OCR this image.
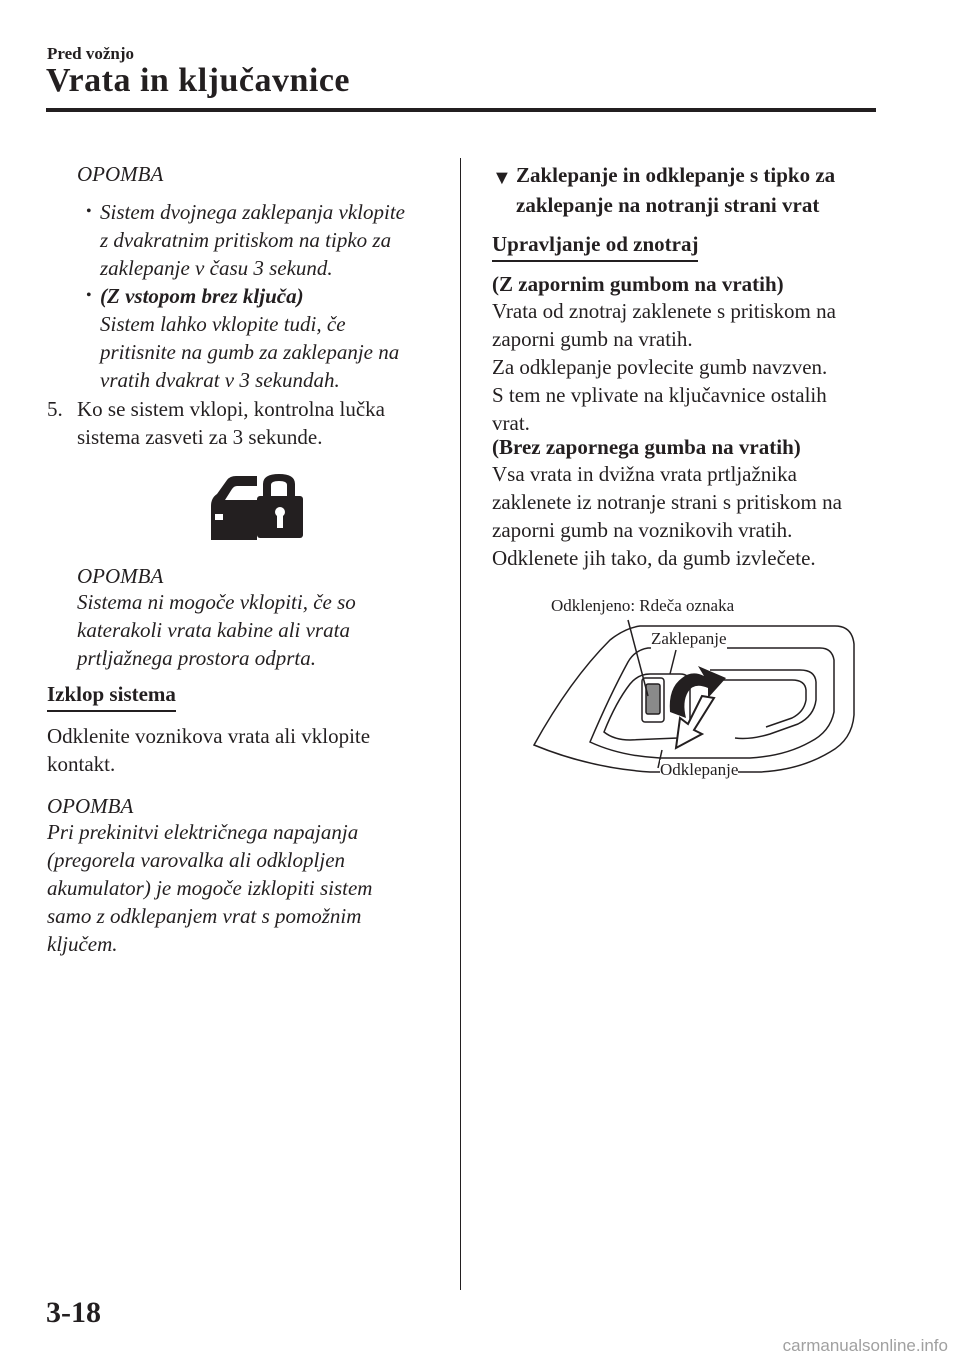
Pred vožnjo
Vrata in ključavnice
OPOMBA
• Sistem dvojnega zaklepanja vklopite
z dvakratnim pritiskom na tipko za
zaklepanje v času 3 sekund.
• (Z vstopom brez ključa)
Sistem lahko vklopite tudi, če
pritisnite na gumb za zaklepanje na
vratih dvakrat v 3 sekundah.
5. Ko se sistem vklopi, kontrolna lučka
sistema zasveti za 3 sekunde.
OPOMBA
Sistema ni mogoče vklopiti, če so
katerakoli vrata kabine ali vrata
prtljažnega prostora odprta.
Izklop sistema
Odklenite voznikova vrata ali vklopite
kontakt.
OPOMBA
Pri prekinitvi električnega napajanja
(pregorela varovalka ali odklopljen
akumulator) je mogoče izklopiti sistem
samo z odklepanjem vrat s pomožnim
ključem.
▼ Zaklepanje in odklepanje s tipko za
zaklepanje na notranji strani vrat
Upravljanje od znotraj
(Z zapornim gumbom na vratih)
Vrata od znotraj zaklenete s pritiskom na
zaporni gumb na vratih.
Za odklepanje povlecite gumb navzven.
S tem ne vplivate na ključavnice ostalih
vrat.
(Brez zapornega gumba na vratih)
Vsa vrata in dvižna vrata prtljažnika
zaklenete iz notranje strani s pritiskom na
zaporni gumb na voznikovih vratih.
Odklenete jih tako, da gumb izvlečete.
Odklenjeno: Rdeča oznaka
Zaklepanje
Odklepanje
3-18
carmanualsonline.info
